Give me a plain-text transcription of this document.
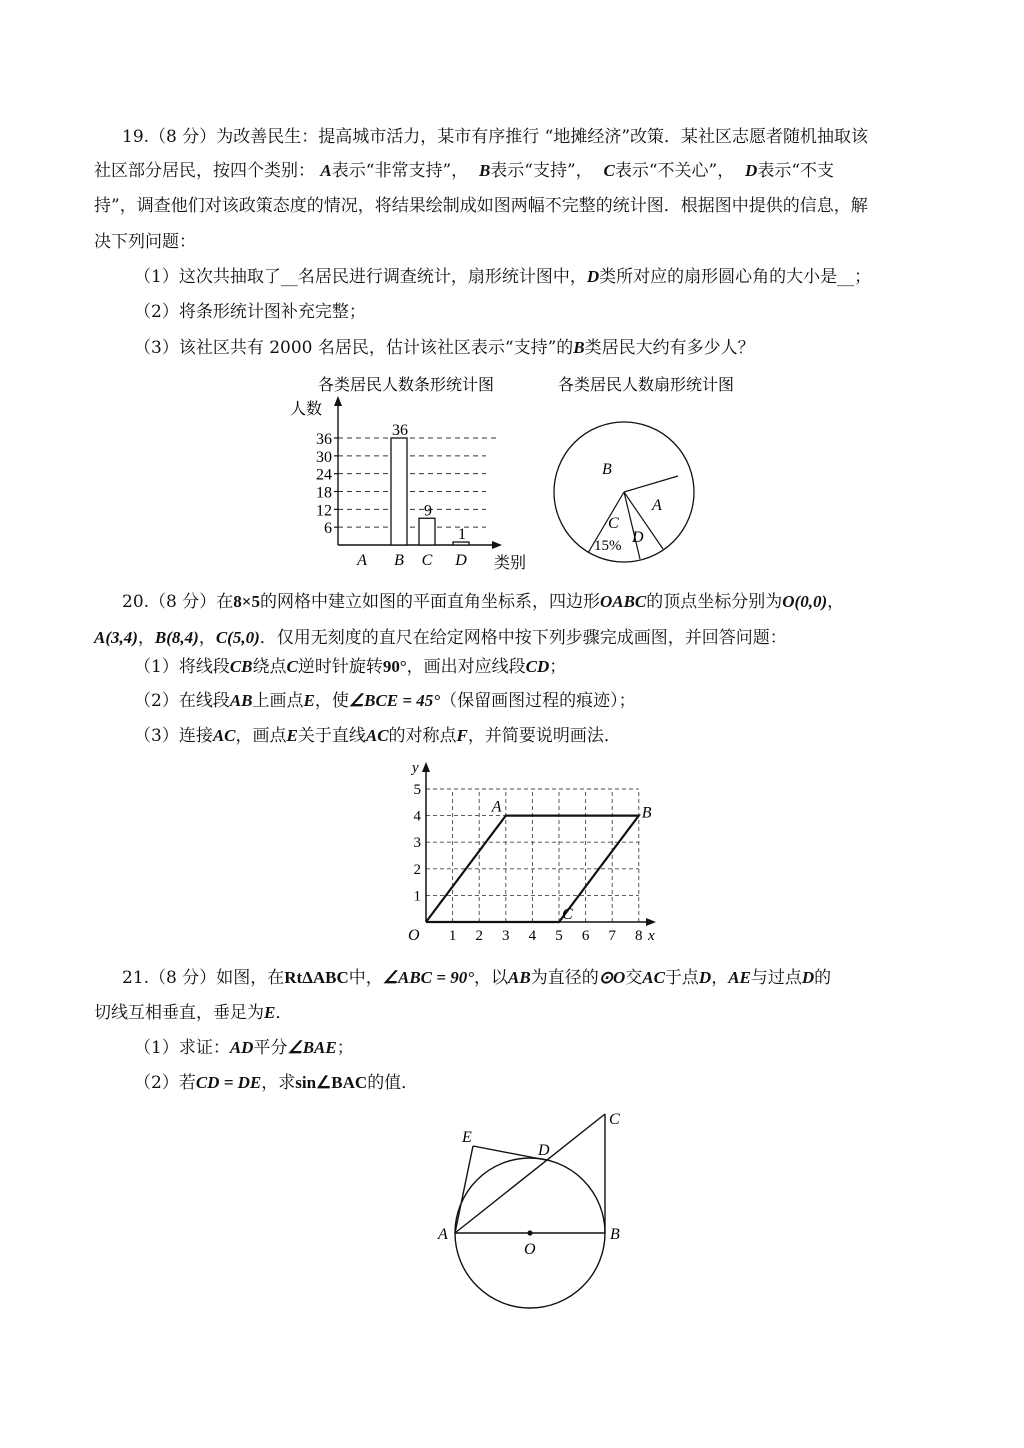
19.（8 分）为改善民生：提高城市活力，某市有序推行 “地摊经济”改策．某社区志愿者随机抽取该
社区部分居民，按四个类别： A表示“非常支持”， B表示“支持”， C表示“不关心”， D表示“不支
持”，调查他们对该政策态度的情况，将结果绘制成如图两幅不完整的统计图．根据图中提供的信息，解
决下列问题：
（1）这次共抽取了__名居民进行调查统计，扇形统计图中，D类所对应的扇形圆心角的大小是__；
（2）将条形统计图补充完整；
（3）该社区共有 2000 名居民，估计该社区表示“支持”的B类居民大约有多少人？
各类居民人数条形统计图
人数
类别
6
12
18
24
30
36
36
9
1
A B C D
各类居民人数扇形统计图
B
A
C
15% D
20.（8 分）在8×5的网格中建立如图的平面直角坐标系，四边形OABC的顶点坐标分别为O(0,0)，
A(3,4)，B(8,4)，C(5,0)．仅用无刻度的直尺在给定网格中按下列步骤完成画图，并回答问题：
（1）将线段CB绕点C逆时针旋转90°，画出对应线段CD；
（2）在线段AB上画点E，使∠BCE = 45°（保留画图过程的痕迹）；
（3）连接AC，画点E关于直线AC的对称点F，并简要说明画法．
1 2 3 4 5 6 7 8
1
2
3
4
5
O	x
y
A	B
C
21.（8 分）如图，在RtΔABC中，∠ABC = 90°，以AB为直径的⊙O交AC于点D，AE与过点D的
切线互相垂直，垂足为E．
（1）求证：AD平分∠BAE；
（2）若CD = DE，求sin∠BAC的值．
A	B
C
D
E
O
